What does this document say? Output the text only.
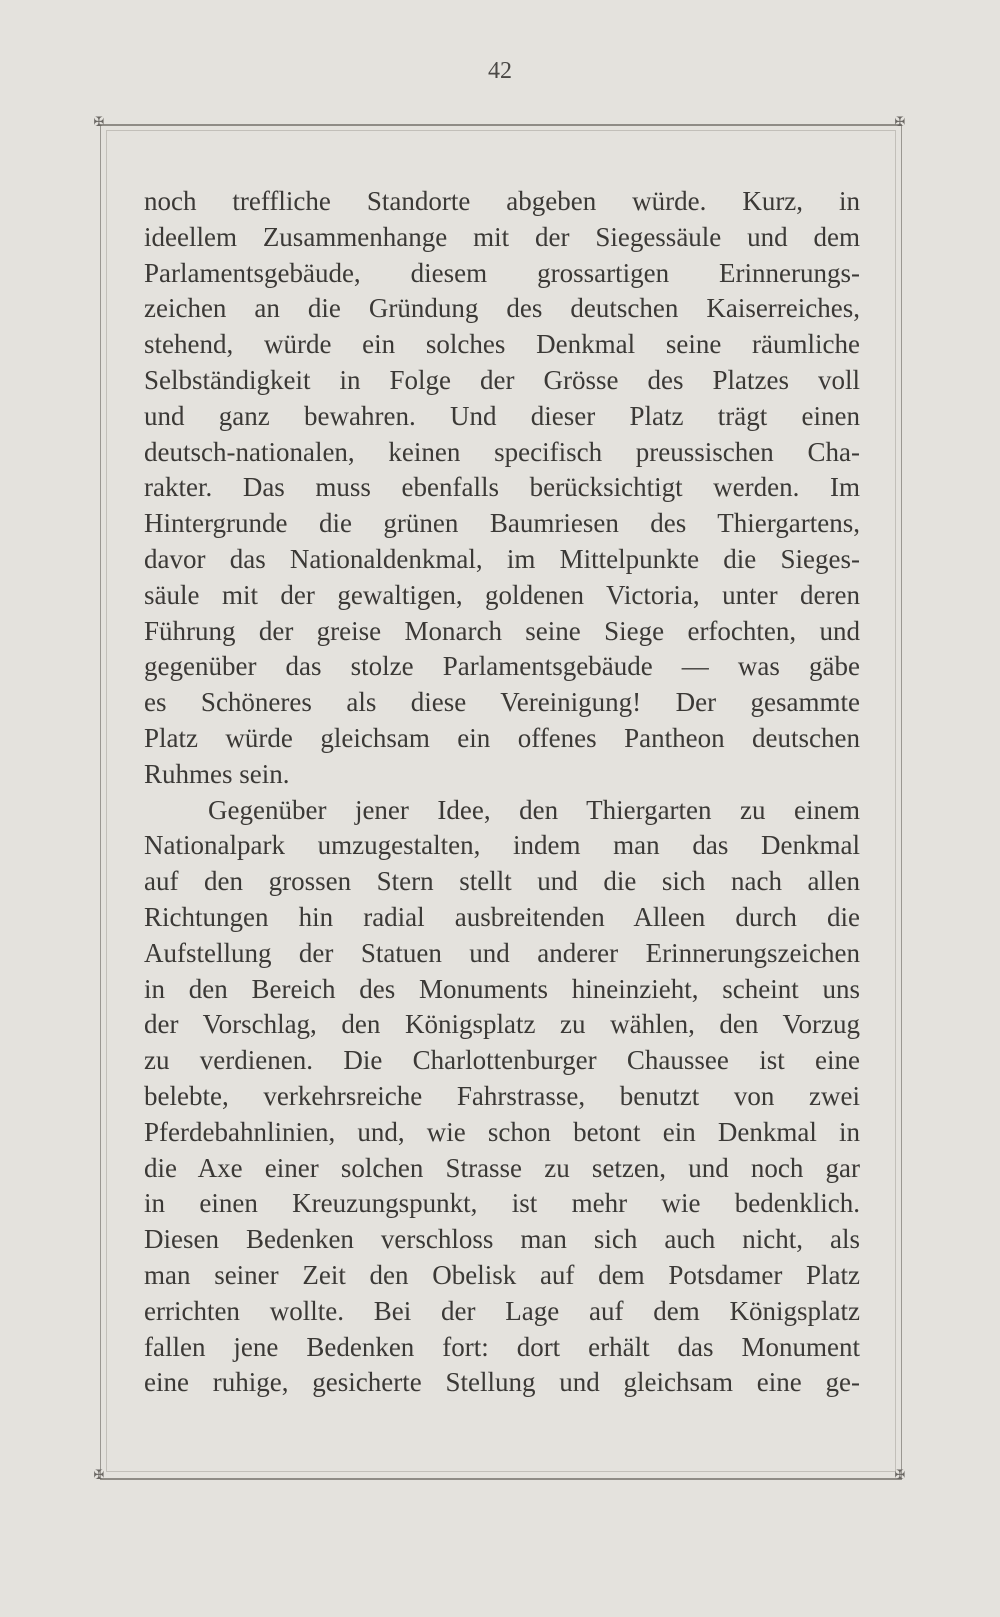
42
✠	✠
✠	✠
noch treffliche Standorte abgeben würde. Kurz, in
ideellem Zusammenhange mit der Siegessäule und dem
Parlamentsgebäude, diesem grossartigen Erinnerungs-
zeichen an die Gründung des deutschen Kaiserreiches,
stehend, würde ein solches Denkmal seine räumliche
Selbständigkeit in Folge der Grösse des Platzes voll
und ganz bewahren. Und dieser Platz trägt einen
deutsch-nationalen, keinen specifisch preussischen Cha-
rakter. Das muss ebenfalls berücksichtigt werden. Im
Hintergrunde die grünen Baumriesen des Thiergartens,
davor das Nationaldenkmal, im Mittelpunkte die Sieges-
säule mit der gewaltigen, goldenen Victoria, unter deren
Führung der greise Monarch seine Siege erfochten, und
gegenüber das stolze Parlamentsgebäude — was gäbe
es Schöneres als diese Vereinigung! Der gesammte
Platz würde gleichsam ein offenes Pantheon deutschen
Ruhmes sein.
Gegenüber jener Idee, den Thiergarten zu einem
Nationalpark umzugestalten, indem man das Denkmal
auf den grossen Stern stellt und die sich nach allen
Richtungen hin radial ausbreitenden Alleen durch die
Aufstellung der Statuen und anderer Erinnerungszeichen
in den Bereich des Monuments hineinzieht, scheint uns
der Vorschlag, den Königsplatz zu wählen, den Vorzug
zu verdienen. Die Charlottenburger Chaussee ist eine
belebte, verkehrsreiche Fahrstrasse, benutzt von zwei
Pferdebahnlinien, und, wie schon betont ein Denkmal in
die Axe einer solchen Strasse zu setzen, und noch gar
in einen Kreuzungspunkt, ist mehr wie bedenklich.
Diesen Bedenken verschloss man sich auch nicht, als
man seiner Zeit den Obelisk auf dem Potsdamer Platz
errichten wollte. Bei der Lage auf dem Königsplatz
fallen jene Bedenken fort: dort erhält das Monument
eine ruhige, gesicherte Stellung und gleichsam eine ge-
